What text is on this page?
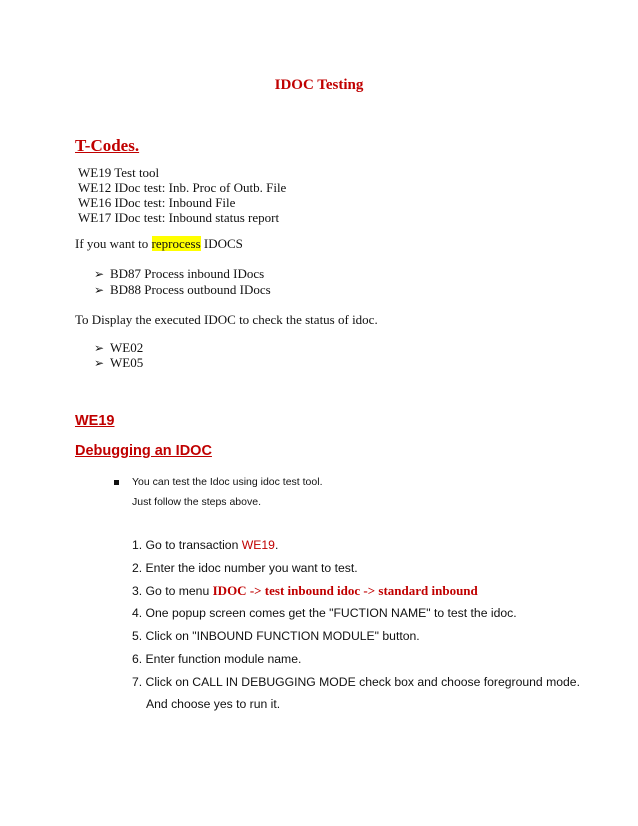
IDOC Testing
T-Codes.
WE19 Test tool
WE12 IDoc test: Inb. Proc of Outb. File
WE16 IDoc test: Inbound File
WE17 IDoc test: Inbound status report
If you want to reprocess IDOCS
➢ BD87 Process inbound IDocs
➢ BD88 Process outbound IDocs
To Display the executed IDOC to check the status of idoc.
➢ WE02
➢ WE05
WE19
Debugging an IDOC
You can test the Idoc using idoc test tool.
Just follow the steps above.
1. Go to transaction WE19.
2. Enter the idoc number you want to test.
3. Go to menu IDOC -> test inbound idoc -> standard inbound
4. One popup screen comes get the "FUCTION NAME" to test the idoc.
5. Click on "INBOUND FUNCTION MODULE" button.
6. Enter function module name.
7. Click on CALL IN DEBUGGING MODE check box and choose foreground mode.
And choose yes to run it.
